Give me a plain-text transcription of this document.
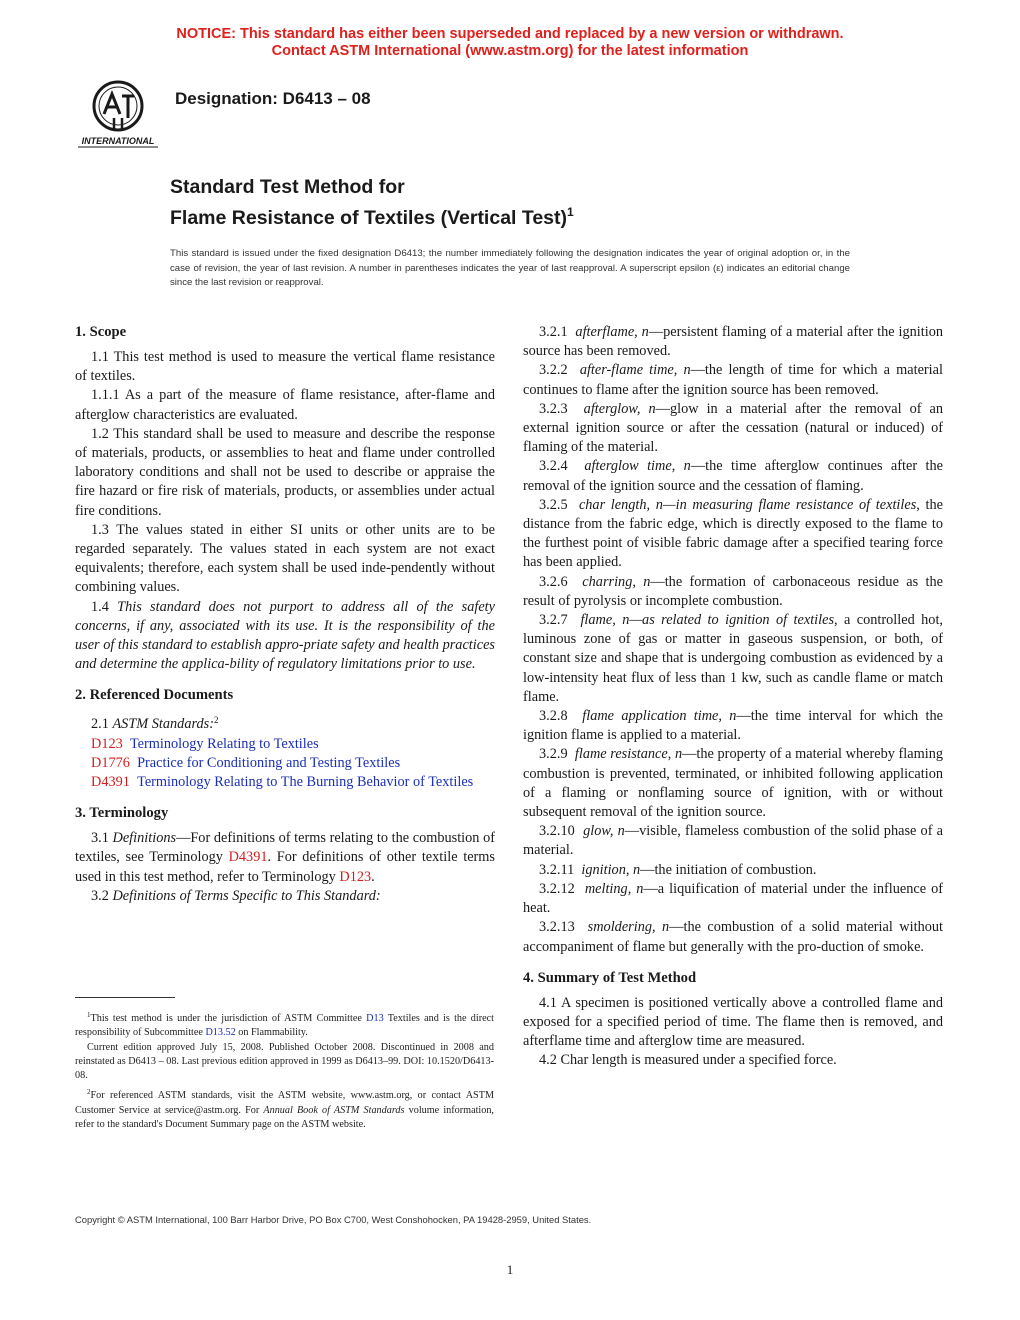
NOTICE: This standard has either been superseded and replaced by a new version or withdrawn.
Contact ASTM International (www.astm.org) for the latest information
INTERNATIONAL
Designation: D6413 – 08
Standard Test Method for
Flame Resistance of Textiles (Vertical Test)$^1$
This standard is issued under the fixed designation D6413; the number immediately following the designation indicates the year of original adoption or, in the case of revision, the year of last revision. A number in parentheses indicates the year of last reapproval. A superscript epsilon (ε) indicates an editorial change since the last revision or reapproval.
1. Scope

1.1 This test method is used to measure the vertical flame resistance of textiles.

1.1.1 As a part of the measure of flame resistance, after-flame and afterglow characteristics are evaluated.

1.2 This standard shall be used to measure and describe the response of materials, products, or assemblies to heat and flame under controlled laboratory conditions and shall not be used to describe or appraise the fire hazard or fire risk of materials, products, or assemblies under actual fire conditions.

1.3 The values stated in either SI units or other units are to be regarded separately. The values stated in each system are not exact equivalents; therefore, each system shall be used inde-pendently without combining values.

1.4 This standard does not purport to address all of the safety concerns, if any, associated with its use. It is the responsibility of the user of this standard to establish appro-priate safety and health practices and determine the applica-bility of regulatory limitations prior to use.

2. Referenced Documents

2.1 ASTM Standards:$^2$

D123 Terminology Relating to Textiles

D1776 Practice for Conditioning and Testing Textiles

D4391 Terminology Relating to The Burning Behavior of Textiles

3. Terminology

3.1 Definitions—For definitions of terms relating to the combustion of textiles, see Terminology D4391. For definitions of other textile terms used in this test method, refer to Terminology D123.

3.2 Definitions of Terms Specific to This Standard:

$^1$This test method is under the jurisdiction of ASTM Committee D13 Textiles and is the direct responsibility of Subcommittee D13.52 on Flammability.

Current edition approved July 15, 2008. Published October 2008. Discontinued in 2008 and reinstated as D6413 – 08. Last previous edition approved in 1999 as D6413–99. DOI: 10.1520/D6413-08.

$^2$For referenced ASTM standards, visit the ASTM website, www.astm.org, or contact ASTM Customer Service at service@astm.org. For Annual Book of ASTM Standards volume information, refer to the standard's Document Summary page on the ASTM website.

3.2.1 afterflame, n—persistent flaming of a material after the ignition source has been removed.

3.2.2 after-flame time, n—the length of time for which a material continues to flame after the ignition source has been removed.

3.2.3 afterglow, n—glow in a material after the removal of an external ignition source or after the cessation (natural or induced) of flaming of the material.

3.2.4 afterglow time, n—the time afterglow continues after the removal of the ignition source and the cessation of flaming.

3.2.5 char length, n—in measuring flame resistance of textiles, the distance from the fabric edge, which is directly exposed to the flame to the furthest point of visible fabric damage after a specified tearing force has been applied.

3.2.6 charring, n—the formation of carbonaceous residue as the result of pyrolysis or incomplete combustion.

3.2.7 flame, n—as related to ignition of textiles, a controlled hot, luminous zone of gas or matter in gaseous suspension, or both, of constant size and shape that is undergoing combustion as evidenced by a low-intensity heat flux of less than 1 kw, such as candle flame or match flame.

3.2.8 flame application time, n—the time interval for which the ignition flame is applied to a material.

3.2.9 flame resistance, n—the property of a material whereby flaming combustion is prevented, terminated, or inhibited following application of a flaming or nonflaming source of ignition, with or without subsequent removal of the ignition source.

3.2.10 glow, n—visible, flameless combustion of the solid phase of a material.

3.2.11 ignition, n—the initiation of combustion.

3.2.12 melting, n—a liquification of material under the influence of heat.

3.2.13 smoldering, n—the combustion of a solid material without accompaniment of flame but generally with the pro-duction of smoke.

4. Summary of Test Method

4.1 A specimen is positioned vertically above a controlled flame and exposed for a specified period of time. The flame then is removed, and afterflame time and afterglow time are measured.

4.2 Char length is measured under a specified force.

Copyright © ASTM International, 100 Barr Harbor Drive, PO Box C700, West Conshohocken, PA 19428-2959, United States.
1
